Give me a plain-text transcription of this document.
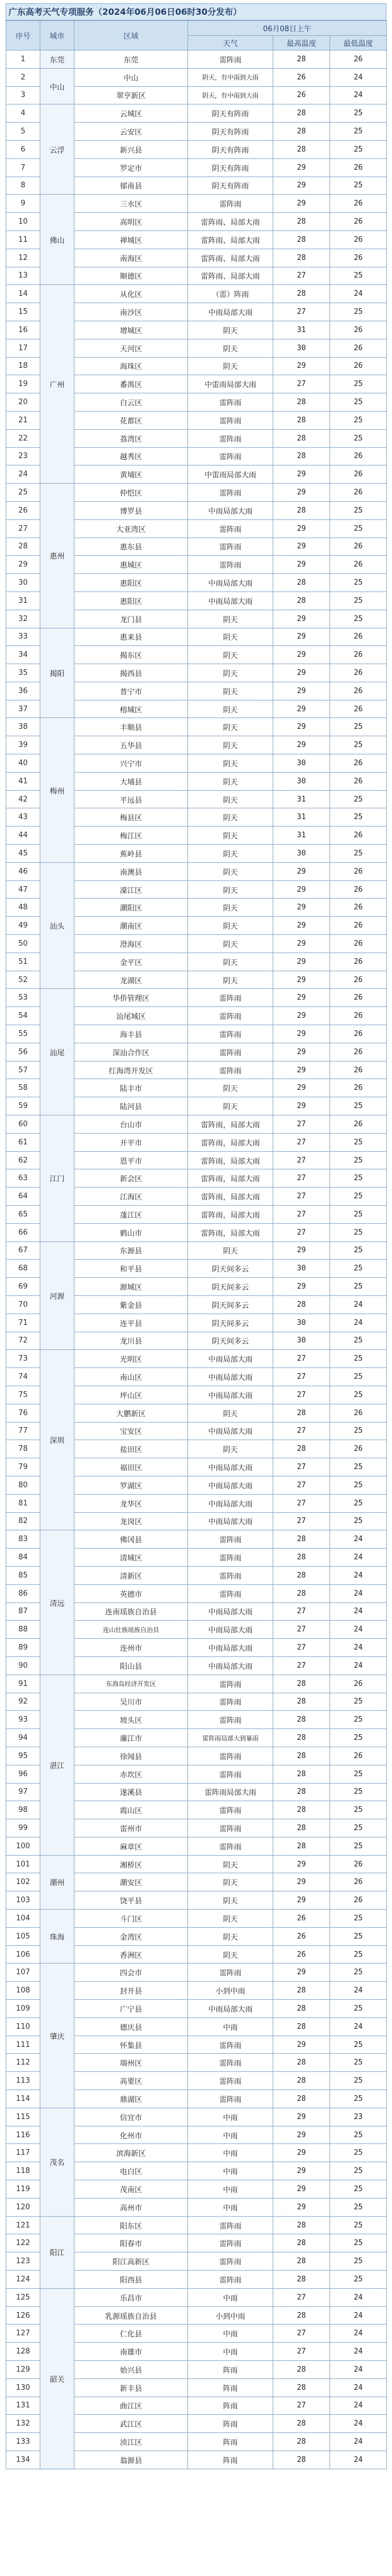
广东高考天气专项服务（2024年06月06日06时30分发布）
序号	城市	区域	06月08日上午		
			天气	最高温度	最低温度
1	东莞	东莞	雷阵雨	28	26
2	中山	中山	阴天，有中雨到大雨	26	24
3		翠亨新区	阴天，有中雨到大雨	26	24
4	云浮	云城区	阴天有阵雨	28	25
5		云安区	阴天有阵雨	28	25
6		新兴县	阴天有阵雨	28	25
7		罗定市	阴天有阵雨	29	26
8		郁南县	阴天有阵雨	29	25
9	佛山	三水区	雷阵雨	29	26
10		高明区	雷阵雨、局部大雨	28	26
11		禅城区	雷阵雨、局部大雨	28	26
12		南海区	雷阵雨、局部大雨	28	26
13		顺德区	雷阵雨、局部大雨	27	25
14	广州	从化区	（雷）阵雨	28	24
15		南沙区	中雨局部大雨	27	25
16		增城区	阴天	31	26
17		天河区	阴天	30	26
18		海珠区	阴天	29	26
19		番禺区	中雷雨局部大雨	27	25
20		白云区	雷阵雨	28	25
21		花都区	雷阵雨	28	25
22		荔湾区	雷阵雨	28	25
23		越秀区	雷阵雨	28	26
24		黄埔区	中雷雨局部大雨	29	26
25	惠州	仲恺区	雷阵雨	29	26
26		博罗县	中雨局部大雨	28	25
27		大亚湾区	雷阵雨	29	25
28		惠东县	雷阵雨	29	26
29		惠城区	雷阵雨	29	26
30		惠阳区	中雨局部大雨	28	25
31		惠阳区	中雨局部大雨	28	25
32		龙门县	阴天	29	25
33	揭阳	惠来县	阴天	29	26
34		揭东区	阴天	29	26
35		揭西县	阴天	29	26
36		普宁市	阴天	29	26
37		榕城区	阴天	29	26
38	梅州	丰顺县	阴天	29	25
39		五华县	阴天	29	25
40		兴宁市	阴天	30	26
41		大埔县	阴天	30	26
42		平远县	阴天	31	25
43		梅县区	阴天	31	25
44		梅江区	阴天	31	26
45		蕉岭县	阴天	30	25
46	汕头	南澳县	阴天	29	26
47		濠江区	阴天	29	26
48		潮阳区	阴天	29	26
49		潮南区	阴天	29	26
50		澄海区	阴天	29	26
51		金平区	阴天	29	26
52		龙湖区	阴天	29	26
53	汕尾	华侨管理区	雷阵雨	29	26
54		汕尾城区	雷阵雨	29	26
55		海丰县	雷阵雨	29	26
56		深汕合作区	雷阵雨	29	26
57		红海湾开发区	雷阵雨	29	26
58		陆丰市	阴天	29	26
59		陆河县	阴天	29	25
60	江门	台山市	雷阵雨，局部大雨	27	26
61		开平市	雷阵雨，局部大雨	27	25
62		恩平市	雷阵雨，局部大雨	27	25
63		新会区	雷阵雨，局部大雨	27	25
64		江海区	雷阵雨，局部大雨	27	25
65		蓬江区	雷阵雨，局部大雨	27	25
66		鹤山市	雷阵雨，局部大雨	27	25
67	河源	东源县	阴天	29	25
68		和平县	阴天间多云	30	25
69		源城区	阴天间多云	29	25
70		紫金县	阴天间多云	28	24
71		连平县	阴天间多云	30	24
72		龙川县	阴天间多云	30	25
73	深圳	光明区	中雨局部大雨	27	25
74		南山区	中雨局部大雨	27	25
75		坪山区	中雨局部大雨	27	25
76		大鹏新区	阴天	28	26
77		宝安区	中雨局部大雨	27	25
78		盐田区	阴天	28	26
79		福田区	中雨局部大雨	27	25
80		罗湖区	中雨局部大雨	27	25
81		龙华区	中雨局部大雨	27	25
82		龙岗区	中雨局部大雨	27	25
83	清远	佛冈县	雷阵雨	28	24
84		清城区	雷阵雨	28	24
85		清新区	雷阵雨	28	24
86		英德市	雷阵雨	28	24
87		连南瑶族自治县	中雨局部大雨	27	24
88		连山壮族瑶族自治县	中雨局部大雨	27	24
89		连州市	中雨局部大雨	27	24
90		阳山县	中雨局部大雨	27	24
91	湛江	东海岛经济开发区	雷阵雨	28	26
92		吴川市	雷阵雨	28	25
93		坡头区	雷阵雨	28	25
94		廉江市	雷阵雨局部大到暴雨	28	25
95		徐闻县	雷阵雨	28	26
96		赤坎区	雷阵雨	28	25
97		遂溪县	雷阵雨局部大雨	28	25
98		霞山区	雷阵雨	28	25
99		雷州市	雷阵雨	28	25
100		麻章区	雷阵雨	28	25
101	潮州	湘桥区	阴天	29	26
102		潮安区	阴天	29	26
103		饶平县	阴天	29	26
104	珠海	斗门区	阴天	26	25
105		金湾区	阴天	26	25
106		香洲区	阴天	26	25
107	肇庆	四会市	雷阵雨	29	25
108		封开县	小到中雨	28	24
109		广宁县	中雨局部大雨	28	25
110		德庆县	中雨	28	24
111		怀集县	雷阵雨	29	25
112		端州区	雷阵雨	28	25
113		高要区	雷阵雨	28	25
114		鼎湖区	雷阵雨	28	25
115	茂名	信宜市	中雨	29	23
116		化州市	中雨	29	25
117		滨海新区	中雨	29	25
118		电白区	中雨	29	25
119		茂南区	中雨	29	25
120		高州市	中雨	29	25
121	阳江	阳东区	雷阵雨	28	25
122		阳春市	雷阵雨	28	25
123		阳江高新区	雷阵雨	28	25
124		阳西县	雷阵雨	28	25
125	韶关	乐昌市	中雨	27	24
126		乳源瑶族自治县	小到中雨	28	24
127		仁化县	中雨	27	24
128		南雄市	中雨	27	24
129		始兴县	阵雨	28	24
130		新丰县	阵雨	28	24
131		曲江区	阵雨	27	24
132		武江区	阵雨	28	24
133		浈江区	阵雨	28	24
134		翁源县	阵雨	28	24
